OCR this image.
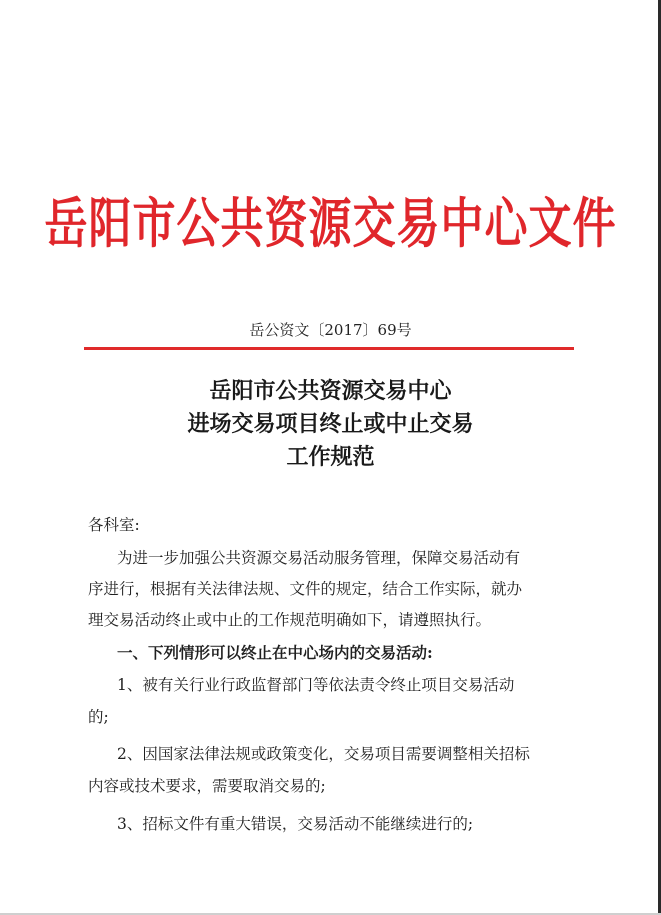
岳阳市公共资源交易中心文件
岳公资文〔2017〕69号
岳阳市公共资源交易中心
进场交易项目终止或中止交易
工作规范
各科室:
为进一步加强公共资源交易活动服务管理，保障交易活动有
序进行，根据有关法律法规、文件的规定，结合工作实际，就办
理交易活动终止或中止的工作规范明确如下，请遵照执行。
一、下列情形可以终止在中心场内的交易活动:
1、被有关行业行政监督部门等依法责令终止项目交易活动
的;
2、因国家法律法规或政策变化，交易项目需要调整相关招标
内容或技术要求，需要取消交易的;
3、招标文件有重大错误，交易活动不能继续进行的;
